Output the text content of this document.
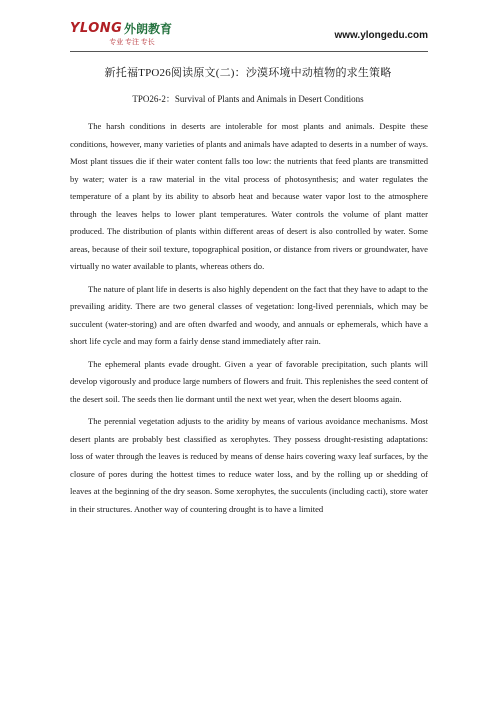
YLONG 外朗教育
专业 专注 专长
www.ylongedu.com
新托福TPO26阅读原文(二)：沙漠环境中动植物的求生策略
TPO26-2：Survival of Plants and Animals in Desert Conditions

The harsh conditions in deserts are intolerable for most plants and animals. Despite these conditions, however, many varieties of plants and animals have adapted to deserts in a number of ways. Most plant tissues die if their water content falls too low: the nutrients that feed plants are transmitted by water; water is a raw material in the vital process of photosynthesis; and water regulates the temperature of a plant by its ability to absorb heat and because water vapor lost to the atmosphere through the leaves helps to lower plant temperatures. Water controls the volume of plant matter produced. The distribution of plants within different areas of desert is also controlled by water. Some areas, because of their soil texture, topographical position, or distance from rivers or groundwater, have virtually no water available to plants, whereas others do.

The nature of plant life in deserts is also highly dependent on the fact that they have to adapt to the prevailing aridity. There are two general classes of vegetation: long-lived perennials, which may be succulent (water-storing) and are often dwarfed and woody, and annuals or ephemerals, which have a short life cycle and may form a fairly dense stand immediately after rain.

The ephemeral plants evade drought. Given a year of favorable precipitation, such plants will develop vigorously and produce large numbers of flowers and fruit. This replenishes the seed content of the desert soil. The seeds then lie dormant until the next wet year, when the desert blooms again.

The perennial vegetation adjusts to the aridity by means of various avoidance mechanisms. Most desert plants are probably best classified as xerophytes. They possess drought-resisting adaptations: loss of water through the leaves is reduced by means of dense hairs covering waxy leaf surfaces, by the closure of pores during the hottest times to reduce water loss, and by the rolling up or shedding of leaves at the beginning of the dry season. Some xerophytes, the succulents (including cacti), store water in their structures. Another way of countering drought is to have a limited
